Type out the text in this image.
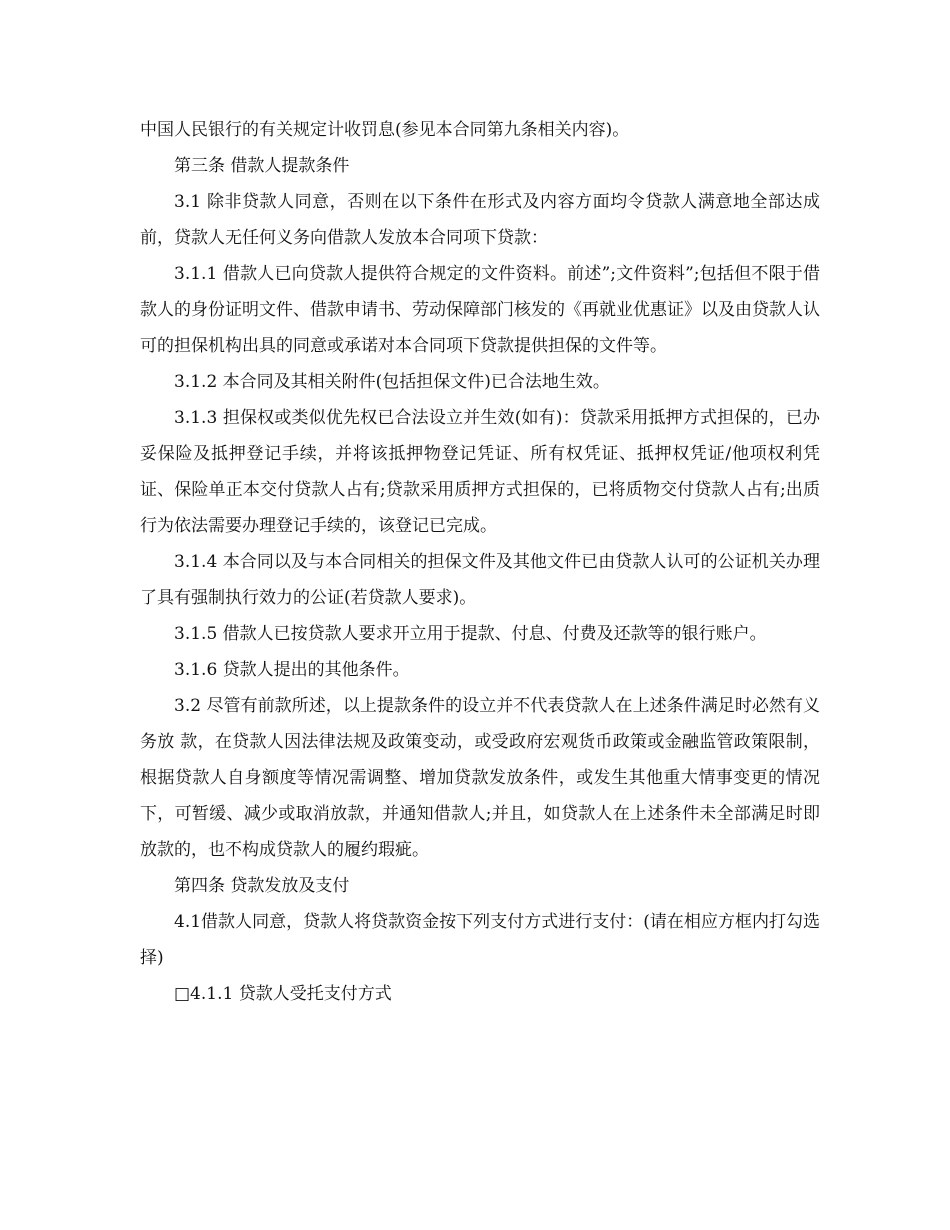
中国人民银行的有关规定计收罚息(参见本合同第九条相关内容)。

第三条 借款人提款条件

3.1 除非贷款人同意，否则在以下条件在形式及内容方面均令贷款人满意地全部达成前，贷款人无任何义务向借款人发放本合同项下贷款：

3.1.1 借款人已向贷款人提供符合规定的文件资料。前述”;文件资料”;包括但不限于借款人的身份证明文件、借款申请书、劳动保障部门核发的《再就业优惠证》以及由贷款人认可的担保机构出具的同意或承诺对本合同项下贷款提供担保的文件等。

3.1.2 本合同及其相关附件(包括担保文件)已合法地生效。

3.1.3 担保权或类似优先权已合法设立并生效(如有)：贷款采用抵押方式担保的，已办妥保险及抵押登记手续，并将该抵押物登记凭证、所有权凭证、抵押权凭证/他项权利凭证、保险单正本交付贷款人占有;贷款采用质押方式担保的，已将质物交付贷款人占有;出质行为依法需要办理登记手续的，该登记已完成。

3.1.4 本合同以及与本合同相关的担保文件及其他文件已由贷款人认可的公证机关办理了具有强制执行效力的公证(若贷款人要求)。

3.1.5 借款人已按贷款人要求开立用于提款、付息、付费及还款等的银行账户。

3.1.6 贷款人提出的其他条件。

3.2 尽管有前款所述，以上提款条件的设立并不代表贷款人在上述条件满足时必然有义务放 款，在贷款人因法律法规及政策变动，或受政府宏观货币政策或金融监管政策限制，根据贷款人自身额度等情况需调整、增加贷款发放条件，或发生其他重大情事变更的情况下，可暂缓、减少或取消放款，并通知借款人;并且，如贷款人在上述条件未全部满足时即放款的，也不构成贷款人的履约瑕疵。

第四条 贷款发放及支付

4.1借款人同意，贷款人将贷款资金按下列支付方式进行支付：(请在相应方框内打勾选择)

□4.1.1 贷款人受托支付方式
